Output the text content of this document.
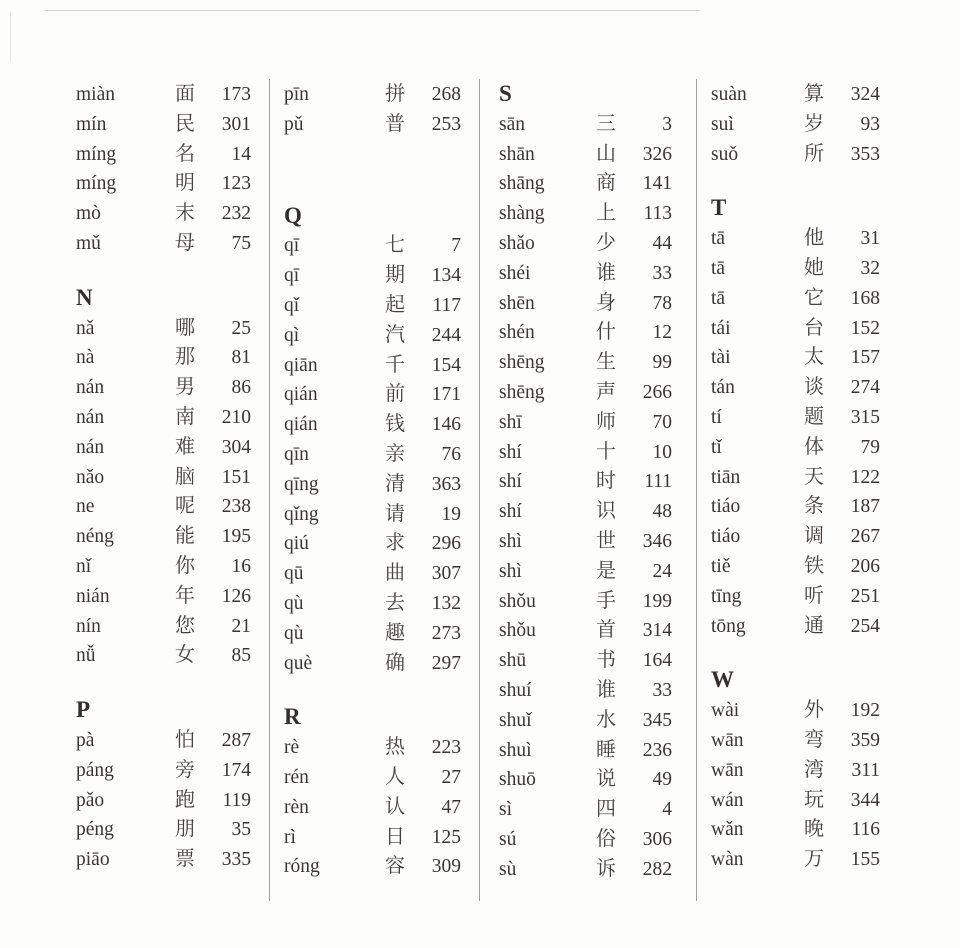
miàn	面	173
mín	民	301
míng	名	14
míng	明	123
mò	末	232
mǔ	母	75
N
nǎ	哪	25
nà	那	81
nán	男	86
nán	南	210
nán	难	304
nǎo	脑	151
ne	呢	238
néng	能	195
nǐ	你	16
nián	年	126
nín	您	21
nǚ	女	85
P
pà	怕	287
páng	旁	174
pǎo	跑	119
péng	朋	35
piāo	票	335
pīn	拼	268
pǔ	普	253
Q
qī	七	7
qī	期	134
qǐ	起	117
qì	汽	244
qiān	千	154
qián	前	171
qián	钱	146
qīn	亲	76
qīng	清	363
qǐng	请	19
qiú	求	296
qū	曲	307
qù	去	132
qù	趣	273
què	确	297
R
rè	热	223
rén	人	27
rèn	认	47
rì	日	125
róng	容	309
S
sān	三	3
shān	山	326
shāng	商	141
shàng	上	113
shǎo	少	44
shéi	谁	33
shēn	身	78
shén	什	12
shēng	生	99
shēng	声	266
shī	师	70
shí	十	10
shí	时	111
shí	识	48
shì	世	346
shì	是	24
shǒu	手	199
shǒu	首	314
shū	书	164
shuí	谁	33
shuǐ	水	345
shuì	睡	236
shuō	说	49
sì	四	4
sú	俗	306
sù	诉	282
suàn	算	324
suì	岁	93
suǒ	所	353
T
tā	他	31
tā	她	32
tā	它	168
tái	台	152
tài	太	157
tán	谈	274
tí	题	315
tǐ	体	79
tiān	天	122
tiáo	条	187
tiáo	调	267
tiě	铁	206
tīng	听	251
tōng	通	254
W
wài	外	192
wān	弯	359
wān	湾	311
wán	玩	344
wǎn	晚	116
wàn	万	155
